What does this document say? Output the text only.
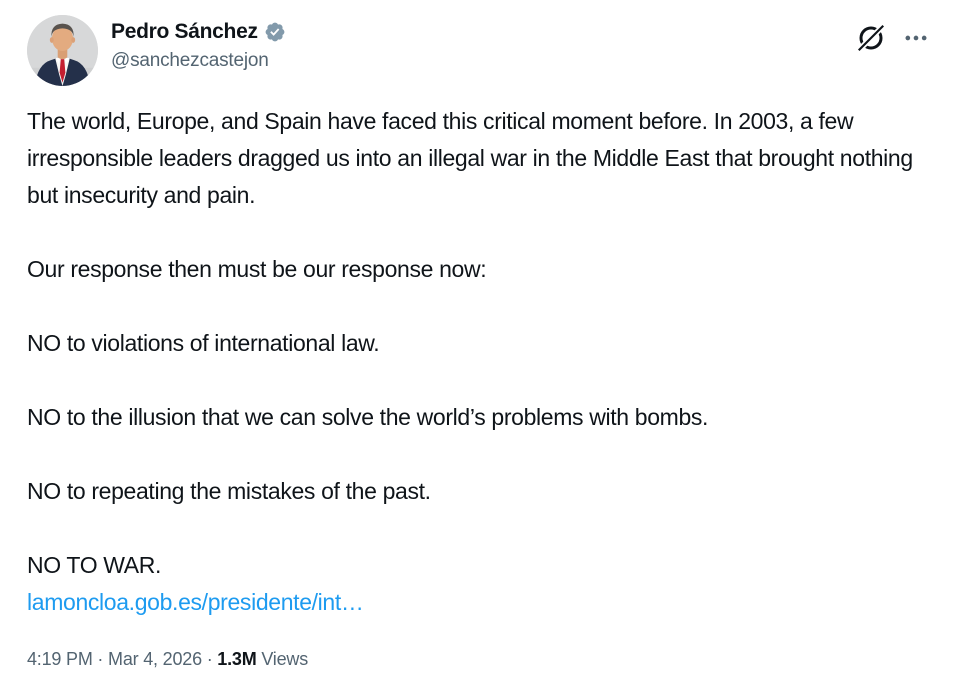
Pedro Sánchez
@sanchezcastejon

The world, Europe, and Spain have faced this critical moment before. In 2003, a few irresponsible leaders dragged us into an illegal war in the Middle East that brought nothing but insecurity and pain.

Our response then must be our response now:

NO to violations of international law.

NO to the illusion that we can solve the world’s problems with bombs.

NO to repeating the mistakes of the past.

NO TO WAR.
lamoncloa.gob.es/presidente/int…

4:19 PM · Mar 4, 2026 · 1.3M Views
